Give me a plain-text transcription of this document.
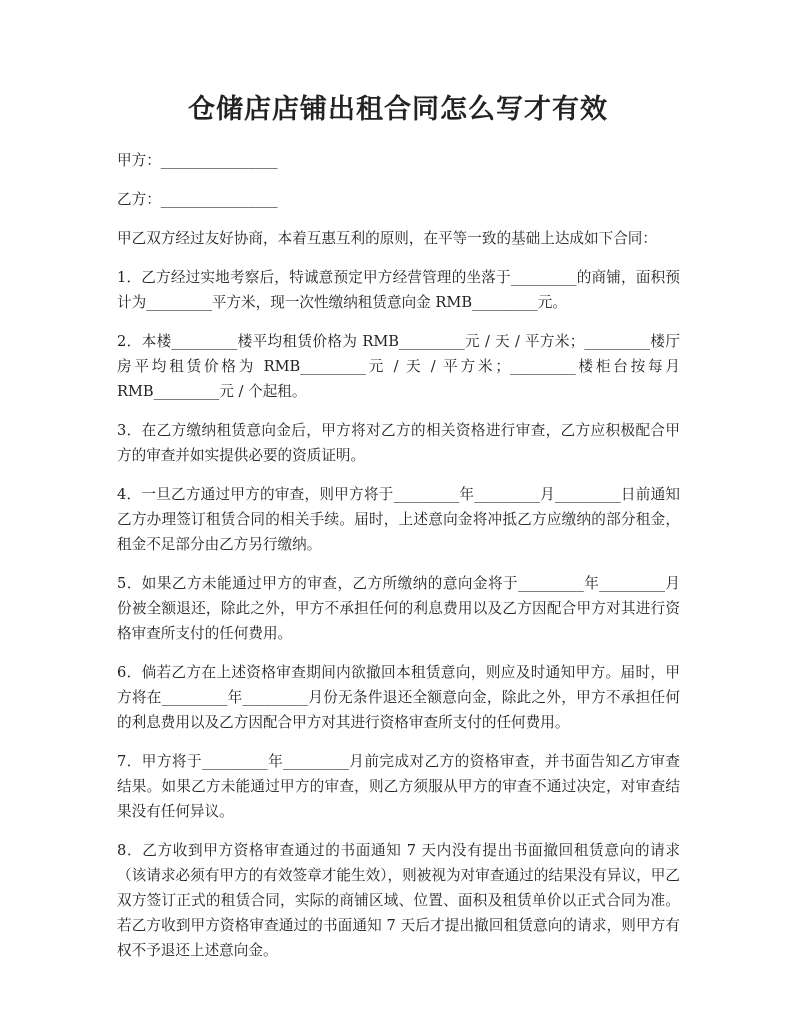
仓储店店铺出租合同怎么写才有效

甲方：________________

乙方：________________

甲乙双方经过友好协商，本着互惠互利的原则，在平等一致的基础上达成如下合同：

1．乙方经过实地考察后，特诚意预定甲方经营管理的坐落于_________的商铺，面积预计为_________平方米，现一次性缴纳租赁意向金 RMB_________元。

2．本楼_________楼平均租赁价格为 RMB_________元 / 天 / 平方米；_________楼厅房平均租赁价格为 RMB_________元 / 天 / 平方米；_________楼柜台按每月 RMB_________元 / 个起租。

3．在乙方缴纳租赁意向金后，甲方将对乙方的相关资格进行审查，乙方应积极配合甲方的审查并如实提供必要的资质证明。

4．一旦乙方通过甲方的审查，则甲方将于_________年_________月_________日前通知乙方办理签订租赁合同的相关手续。届时，上述意向金将冲抵乙方应缴纳的部分租金，租金不足部分由乙方另行缴纳。

5．如果乙方未能通过甲方的审查，乙方所缴纳的意向金将于_________年_________月份被全额退还，除此之外，甲方不承担任何的利息费用以及乙方因配合甲方对其进行资格审查所支付的任何费用。

6．倘若乙方在上述资格审查期间内欲撤回本租赁意向，则应及时通知甲方。届时，甲方将在_________年_________月份无条件退还全额意向金，除此之外，甲方不承担任何的利息费用以及乙方因配合甲方对其进行资格审查所支付的任何费用。

7．甲方将于_________年_________月前完成对乙方的资格审查，并书面告知乙方审查结果。如果乙方未能通过甲方的审查，则乙方须服从甲方的审查不通过决定，对审查结果没有任何异议。

8．乙方收到甲方资格审查通过的书面通知 7 天内没有提出书面撤回租赁意向的请求（该请求必须有甲方的有效签章才能生效），则被视为对审查通过的结果没有异议，甲乙双方签订正式的租赁合同，实际的商铺区域、位置、面积及租赁单价以正式合同为准。若乙方收到甲方资格审查通过的书面通知 7 天后才提出撤回租赁意向的请求，则甲方有权不予退还上述意向金。
